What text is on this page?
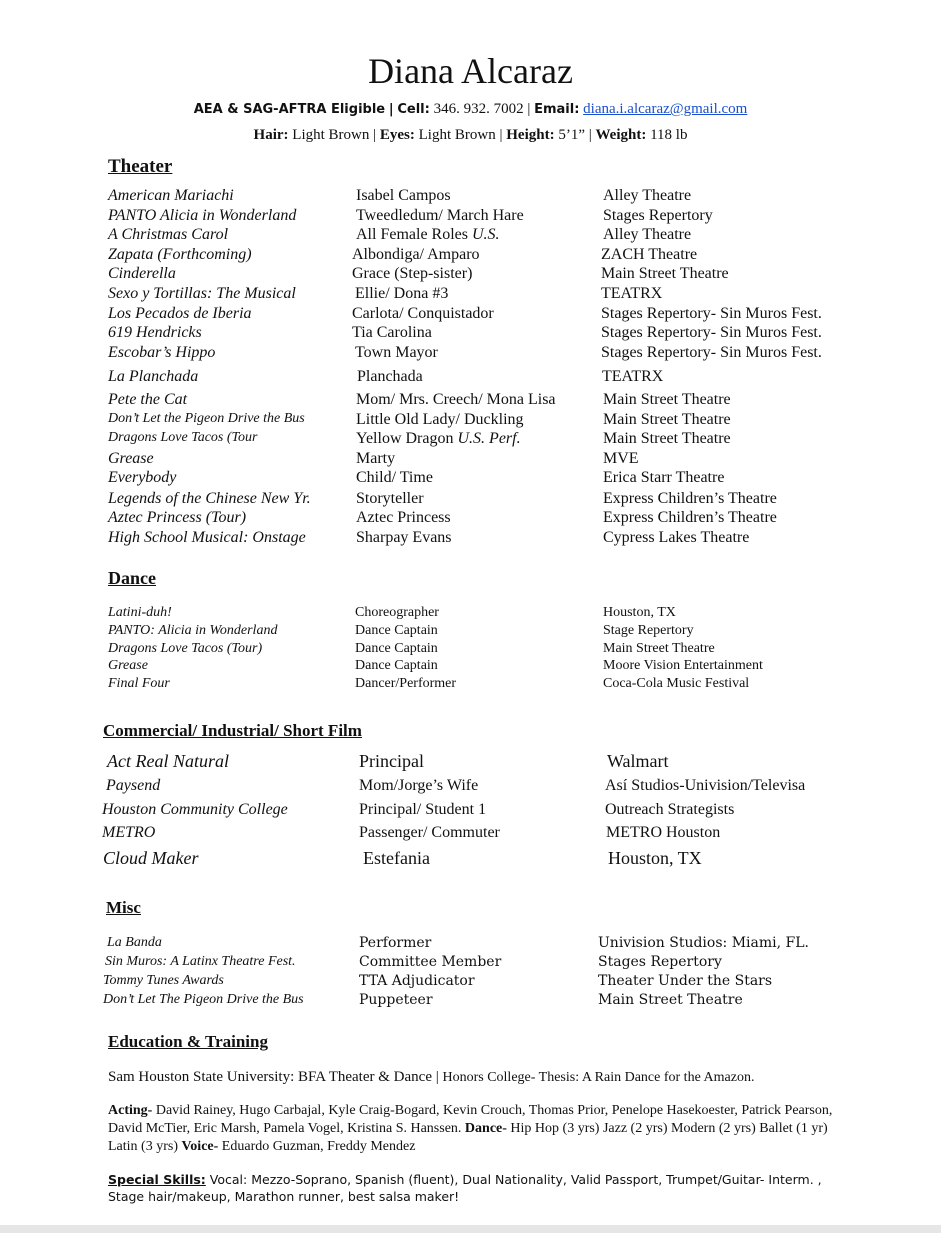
Diana Alcaraz
AEA & SAG-AFTRA Eligible | Cell: 346. 932. 7002 | Email: diana.i.alcaraz@gmail.com
Hair: Light Brown | Eyes: Light Brown | Height: 5’1” | Weight: 118 lb
Theater
American Mariachi	Isabel Campos	Alley Theatre
PANTO Alicia in Wonderland	Tweedledum/ March Hare	Stages Repertory
A Christmas Carol	All Female Roles U.S.	Alley Theatre
Zapata (Forthcoming)	Albondiga/ Amparo	ZACH Theatre
Cinderella	Grace (Step-sister)	Main Street Theatre
Sexo y Tortillas: The Musical	Ellie/ Dona #3	TEATRX
Los Pecados de Iberia	Carlota/ Conquistador	Stages Repertory- Sin Muros Fest.
619 Hendricks	Tia Carolina	Stages Repertory- Sin Muros Fest.
Escobar’s Hippo	Town Mayor	Stages Repertory- Sin Muros Fest.
La Planchada	Planchada	TEATRX
Pete the Cat	Mom/ Mrs. Creech/ Mona Lisa	Main Street Theatre
Don’t Let the Pigeon Drive the Bus	Little Old Lady/ Duckling	Main Street Theatre
Dragons Love Tacos (Tour	Yellow Dragon U.S. Perf.	Main Street Theatre
Grease	Marty	MVE
Everybody	Child/ Time	Erica Starr Theatre
Legends of the Chinese New Yr.	Storyteller	Express Children’s Theatre
Aztec Princess (Tour)	Aztec Princess	Express Children’s Theatre
High School Musical: Onstage	Sharpay Evans	Cypress Lakes Theatre
Dance
Latini-duh!	Choreographer	Houston, TX
PANTO: Alicia in Wonderland	Dance Captain	Stage Repertory
Dragons Love Tacos (Tour)	Dance Captain	Main Street Theatre
Grease	Dance Captain	Moore Vision Entertainment
Final Four	Dancer/Performer	Coca-Cola Music Festival
Commercial/ Industrial/ Short Film
Act Real Natural	Principal	Walmart
Paysend	Mom/Jorge’s Wife	Así Studios-Univision/Televisa
Houston Community College	Principal/ Student 1	Outreach Strategists
METRO	Passenger/ Commuter	METRO Houston
Cloud Maker	Estefania	Houston, TX
Misc
La Banda	Performer	Univision Studios: Miami, FL.
Sin Muros: A Latinx Theatre Fest.	Committee Member	Stages Repertory
Tommy Tunes Awards	TTA Adjudicator	Theater Under the Stars
Don’t Let The Pigeon Drive the Bus	Puppeteer	Main Street Theatre
Education & Training
Sam Houston State University: BFA Theater & Dance | Honors College- Thesis: A Rain Dance for the Amazon.
Acting- David Rainey, Hugo Carbajal, Kyle Craig-Bogard, Kevin Crouch, Thomas Prior, Penelope Hasekoester, Patrick Pearson, David McTier, Eric Marsh, Pamela Vogel, Kristina S. Hanssen. Dance- Hip Hop (3 yrs) Jazz (2 yrs) Modern (2 yrs) Ballet (1 yr) Latin (3 yrs) Voice- Eduardo Guzman, Freddy Mendez
Special Skills: Vocal: Mezzo-Soprano, Spanish (fluent), Dual Nationality, Valid Passport, Trumpet/Guitar- Interm. , Stage hair/makeup, Marathon runner, best salsa maker!
